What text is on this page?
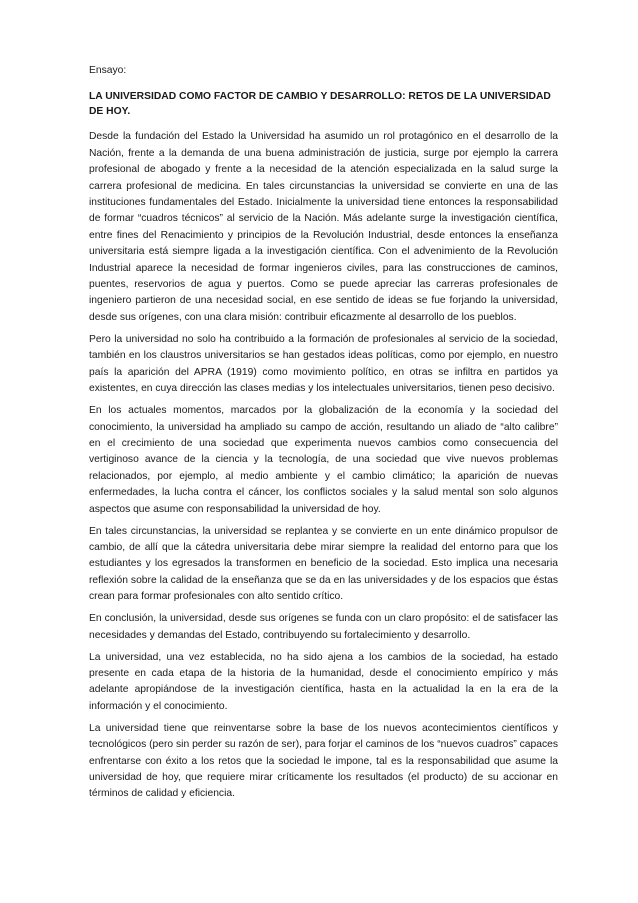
Ensayo:

LA UNIVERSIDAD COMO FACTOR DE CAMBIO Y DESARROLLO: RETOS DE LA UNIVERSIDAD DE HOY.

Desde la fundación del Estado la Universidad ha asumido un rol protagónico en el desarrollo de la Nación, frente a la demanda de una buena administración de justicia, surge por ejemplo la carrera profesional de abogado y frente a la necesidad de la atención especializada en la salud surge la carrera profesional de medicina. En tales circunstancias la universidad se convierte en una de las instituciones fundamentales del Estado. Inicialmente la universidad tiene entonces la responsabilidad de formar “cuadros técnicos” al servicio de la Nación. Más adelante surge la investigación científica, entre fines del Renacimiento y principios de la Revolución Industrial, desde entonces la enseñanza universitaria está siempre ligada a la investigación científica. Con el advenimiento de la Revolución Industrial aparece la necesidad de formar ingenieros civiles, para las construcciones de caminos, puentes, reservorios de agua y puertos. Como se puede apreciar las carreras profesionales de ingeniero partieron de una necesidad social, en ese sentido de ideas se fue forjando la universidad, desde sus orígenes, con una clara misión: contribuir eficazmente al desarrollo de los pueblos.

Pero la universidad no solo ha contribuido a la formación de profesionales al servicio de la sociedad, también en los claustros universitarios se han gestados ideas políticas, como por ejemplo, en nuestro país la aparición del APRA (1919) como movimiento político, en otras se infiltra en partidos ya existentes, en cuya dirección las clases medias y los intelectuales universitarios, tienen peso decisivo.

En los actuales momentos, marcados por la globalización de la economía y la sociedad del conocimiento, la universidad ha ampliado su campo de acción, resultando un aliado de “alto calibre” en el crecimiento de una sociedad que experimenta nuevos cambios como consecuencia del vertiginoso avance de la ciencia y la tecnología, de una sociedad que vive nuevos problemas relacionados, por ejemplo, al medio ambiente y el cambio climático; la aparición de nuevas enfermedades, la lucha contra el cáncer, los conflictos sociales y la salud mental son solo algunos aspectos que asume con responsabilidad la universidad de hoy.

En tales circunstancias, la universidad se replantea y se convierte en un ente dinámico propulsor de cambio, de allí que la cátedra universitaria debe mirar siempre la realidad del entorno para que los estudiantes y los egresados la transformen en beneficio de la sociedad. Esto implica una necesaria reflexión sobre la calidad de la enseñanza que se da en las universidades y de los espacios que éstas crean para formar profesionales con alto sentido crítico.

En conclusión, la universidad, desde sus orígenes se funda con un claro propósito: el de satisfacer las necesidades y demandas del Estado, contribuyendo su fortalecimiento y desarrollo.

La universidad, una vez establecida, no ha sido ajena a los cambios de la sociedad, ha estado presente en cada etapa de la historia de la humanidad, desde el conocimiento empírico y más adelante apropiándose de la investigación científica, hasta en la actualidad la en la era de la información y el conocimiento.

La universidad tiene que reinventarse sobre la base de los nuevos acontecimientos científicos y tecnológicos (pero sin perder su razón de ser), para forjar el caminos de los “nuevos cuadros” capaces enfrentarse con éxito a los retos que la sociedad le impone, tal es la responsabilidad que asume la universidad de hoy, que requiere mirar críticamente los resultados (el producto) de su accionar en términos de calidad y eficiencia.
